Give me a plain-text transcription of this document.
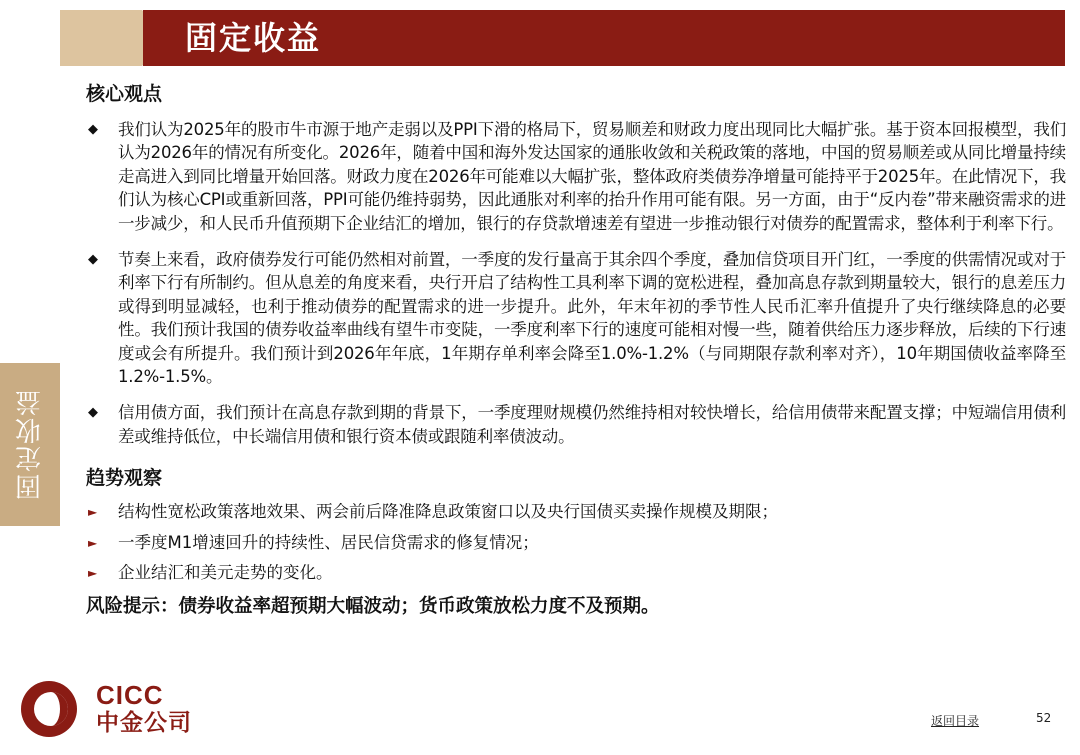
固定收益
固定收益
核心观点
◆ 我们认为2025年的股市牛市源于地产走弱以及PPI下滑的格局下，贸易顺差和财政力度出现同比大幅扩张。基于资本回报模型，我们认为2026年的情况有所变化。2026年，随着中国和海外发达国家的通胀收敛和关税政策的落地，中国的贸易顺差或从同比增量持续走高进入到同比增量开始回落。财政力度在2026年可能难以大幅扩张，整体政府类债券净增量可能持平于2025年。在此情况下，我们认为核心CPI或重新回落，PPI可能仍维持弱势，因此通胀对利率的抬升作用可能有限。另一方面，由于“反内卷”带来融资需求的进一步减少，和人民币升值预期下企业结汇的增加，银行的存贷款增速差有望进一步推动银行对债券的配置需求，整体利于利率下行。
◆ 节奏上来看，政府债券发行可能仍然相对前置，一季度的发行量高于其余四个季度，叠加信贷项目开门红，一季度的供需情况或对于利率下行有所制约。但从息差的角度来看，央行开启了结构性工具利率下调的宽松进程，叠加高息存款到期量较大，银行的息差压力或得到明显减轻，也利于推动债券的配置需求的进一步提升。此外，年末年初的季节性人民币汇率升值提升了央行继续降息的必要性。我们预计我国的债券收益率曲线有望牛市变陡，一季度利率下行的速度可能相对慢一些，随着供给压力逐步释放，后续的下行速度或会有所提升。我们预计到2026年年底，1年期存单利率会降至1.0%-1.2%（与同期限存款利率对齐），10年期国债收益率降至1.2%-1.5%。
◆ 信用债方面，我们预计在高息存款到期的背景下，一季度理财规模仍然维持相对较快增长，给信用债带来配置支撑；中短端信用债利差或维持低位，中长端信用债和银行资本债或跟随利率债波动。
趋势观察
► 结构性宽松政策落地效果、两会前后降准降息政策窗口以及央行国债买卖操作规模及期限；
► 一季度M1增速回升的持续性、居民信贷需求的修复情况；
► 企业结汇和美元走势的变化。
风险提示：债券收益率超预期大幅波动；货币政策放松力度不及预期。
CICC
中金公司	返回目录	52
